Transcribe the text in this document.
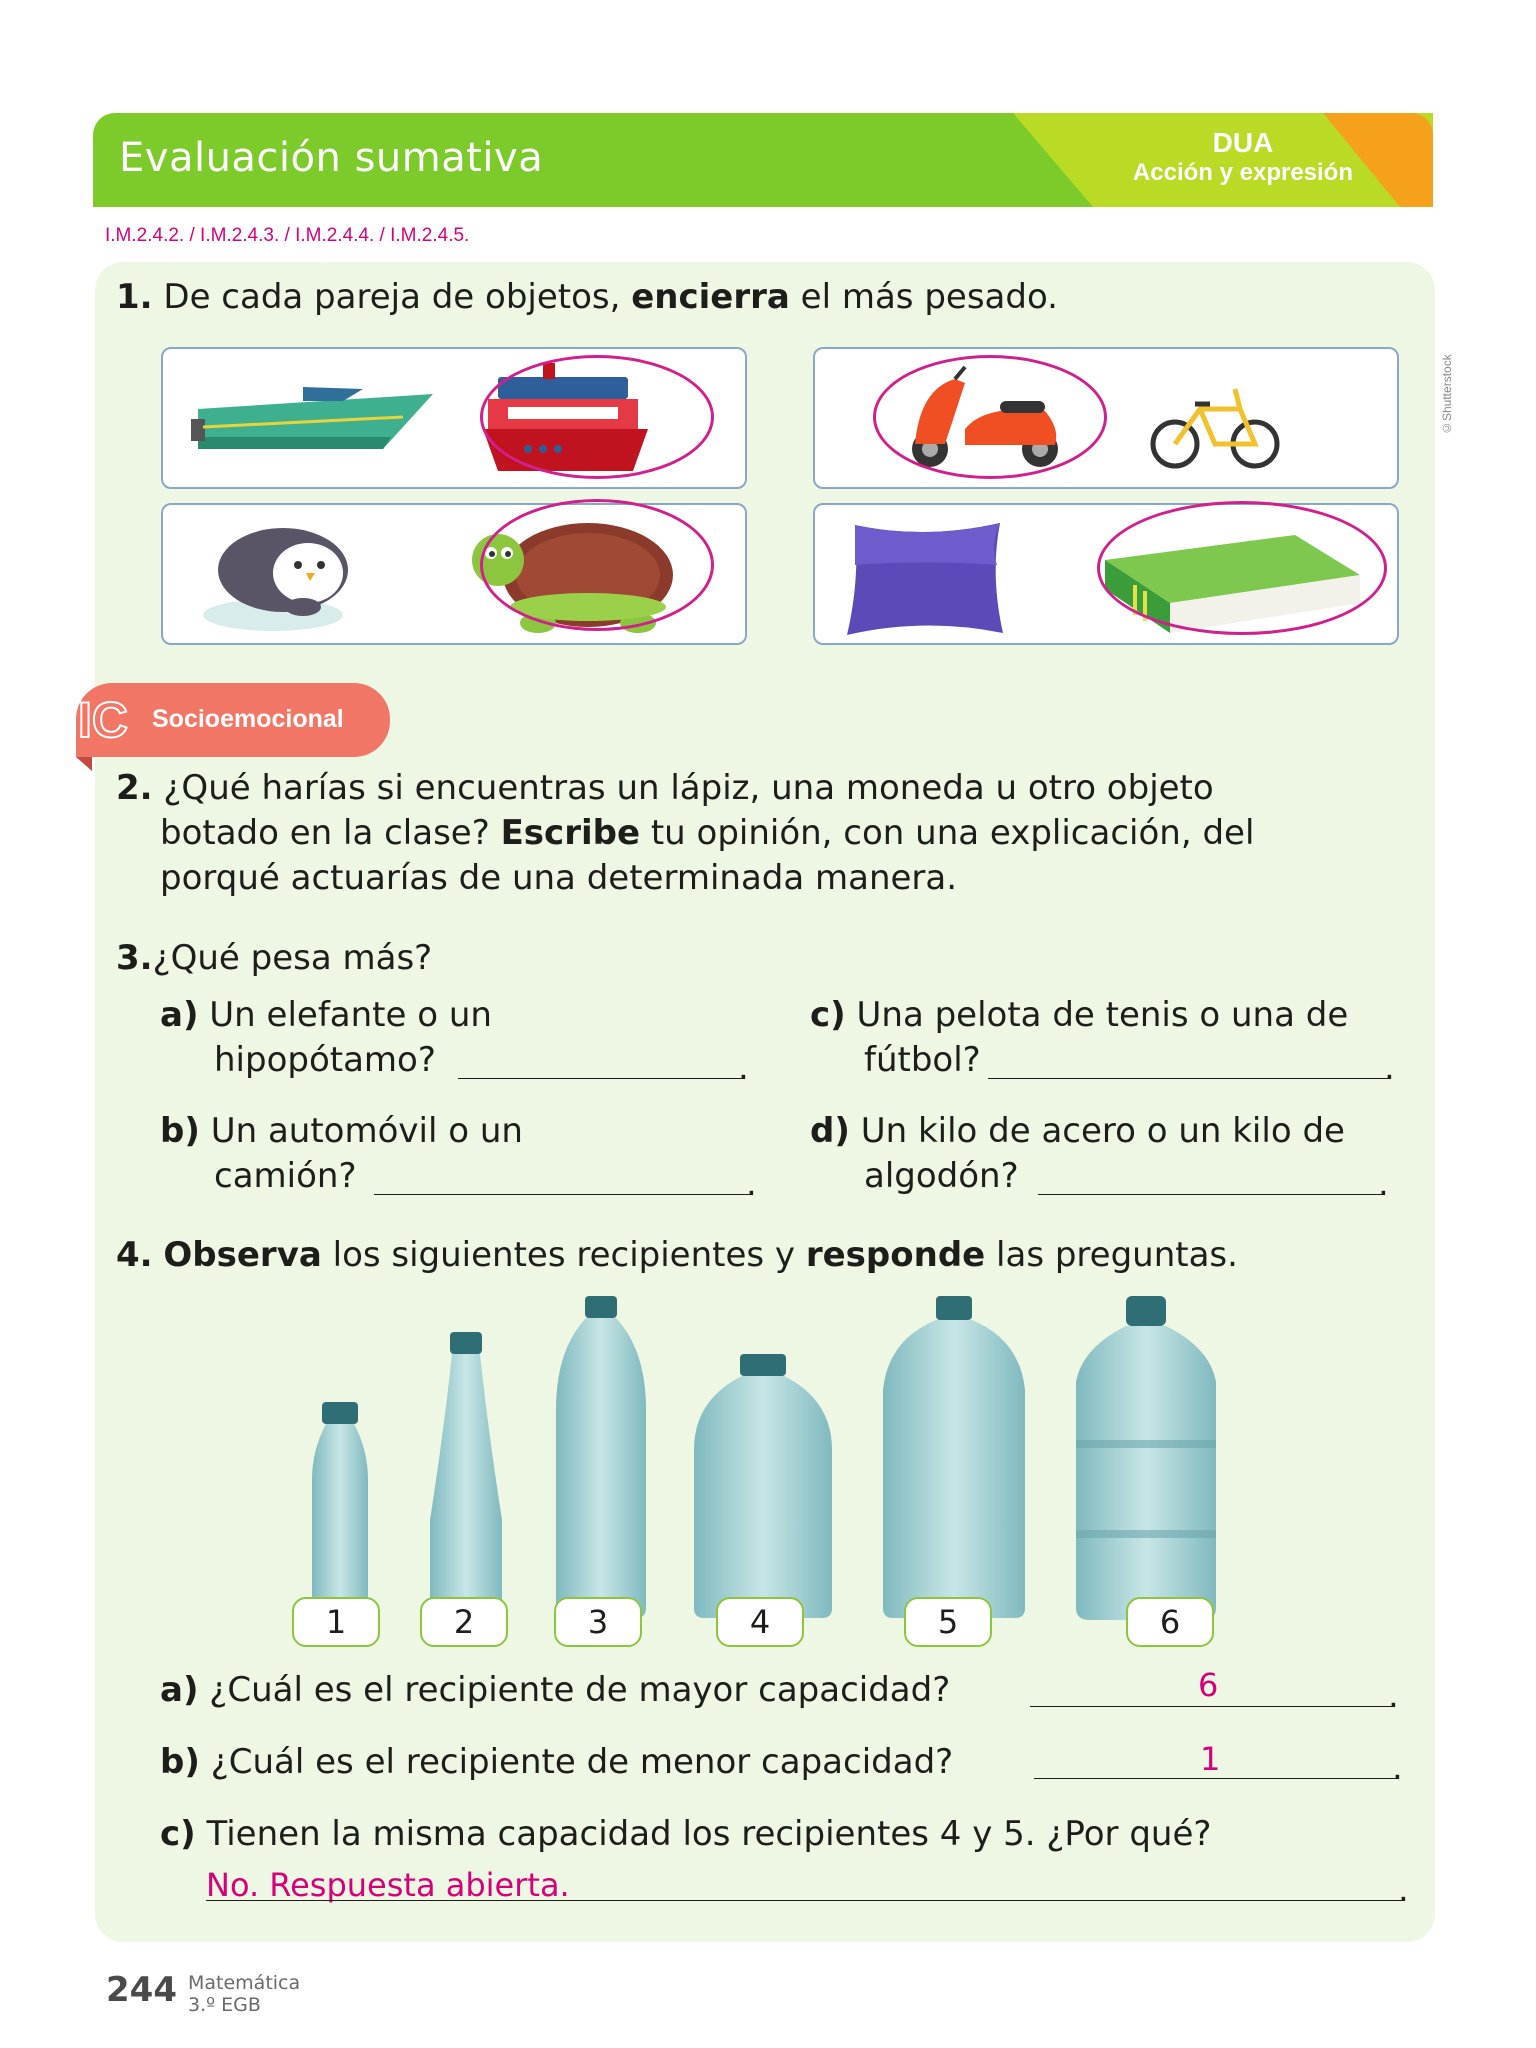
Evaluación sumativa	DUA
Acción y expresión
I.M.2.4.2. / I.M.2.4.3. / I.M.2.4.4. / I.M.2.4.5.
©Shutterstock
1. De cada pareja de objetos, encierra el más pesado.
IC Socioemocional
2. ¿Qué harías si encuentras un lápiz, una moneda u otro objeto
botado en la clase? Escribe tu opinión, con una explicación, del
porqué actuarías de una determinada manera.
3.¿Qué pesa más?
a) Un elefante o un
hipopótamo?	.
b) Un automóvil o un
camión?	.
c) Una pelota de tenis o una de
fútbol?	.
d) Un kilo de acero o un kilo de
algodón?	.
4. Observa los siguientes recipientes y responde las preguntas.
1	2	3	4	5	6
a) ¿Cuál es el recipiente de mayor capacidad?	6	.
b) ¿Cuál es el recipiente de menor capacidad?	1	.
c) Tienen la misma capacidad los recipientes 4 y 5. ¿Por qué?
No. Respuesta abierta.	.
244 Matemática
3.º EGB
